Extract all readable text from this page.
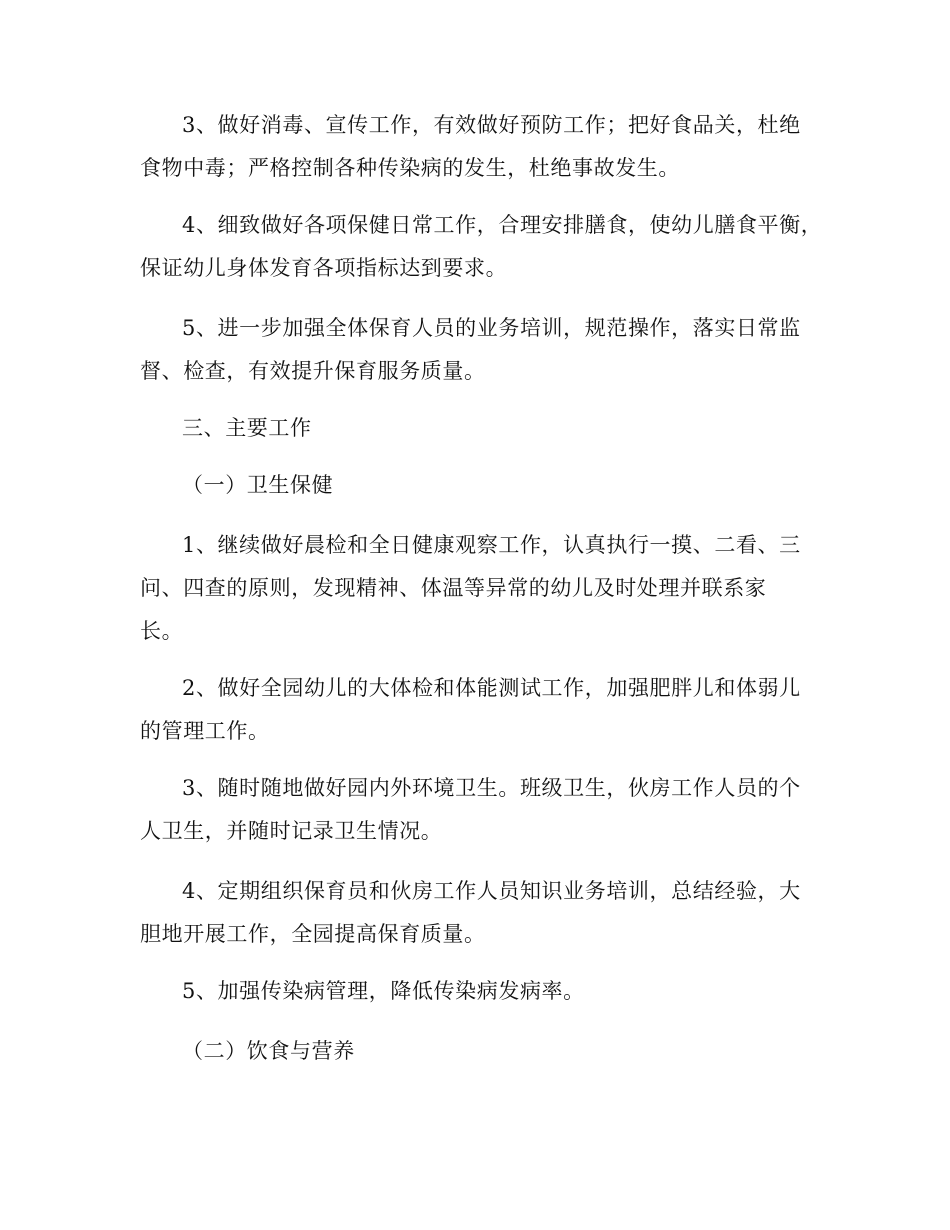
3、做好消毒、宣传工作，有效做好预防工作；把好食品关，杜绝

食物中毒；严格控制各种传染病的发生，杜绝事故发生。

4、细致做好各项保健日常工作，合理安排膳食，使幼儿膳食平衡，

保证幼儿身体发育各项指标达到要求。

5、进一步加强全体保育人员的业务培训，规范操作，落实日常监

督、检查，有效提升保育服务质量。

三、主要工作

（一）卫生保健

1、继续做好晨检和全日健康观察工作，认真执行一摸、二看、三

问、四查的原则，发现精神、体温等异常的幼儿及时处理并联系家

长。

2、做好全园幼儿的大体检和体能测试工作，加强肥胖儿和体弱儿

的管理工作。

3、随时随地做好园内外环境卫生。班级卫生，伙房工作人员的个

人卫生，并随时记录卫生情况。

4、定期组织保育员和伙房工作人员知识业务培训，总结经验，大

胆地开展工作，全园提高保育质量。

5、加强传染病管理，降低传染病发病率。

（二）饮食与营养
